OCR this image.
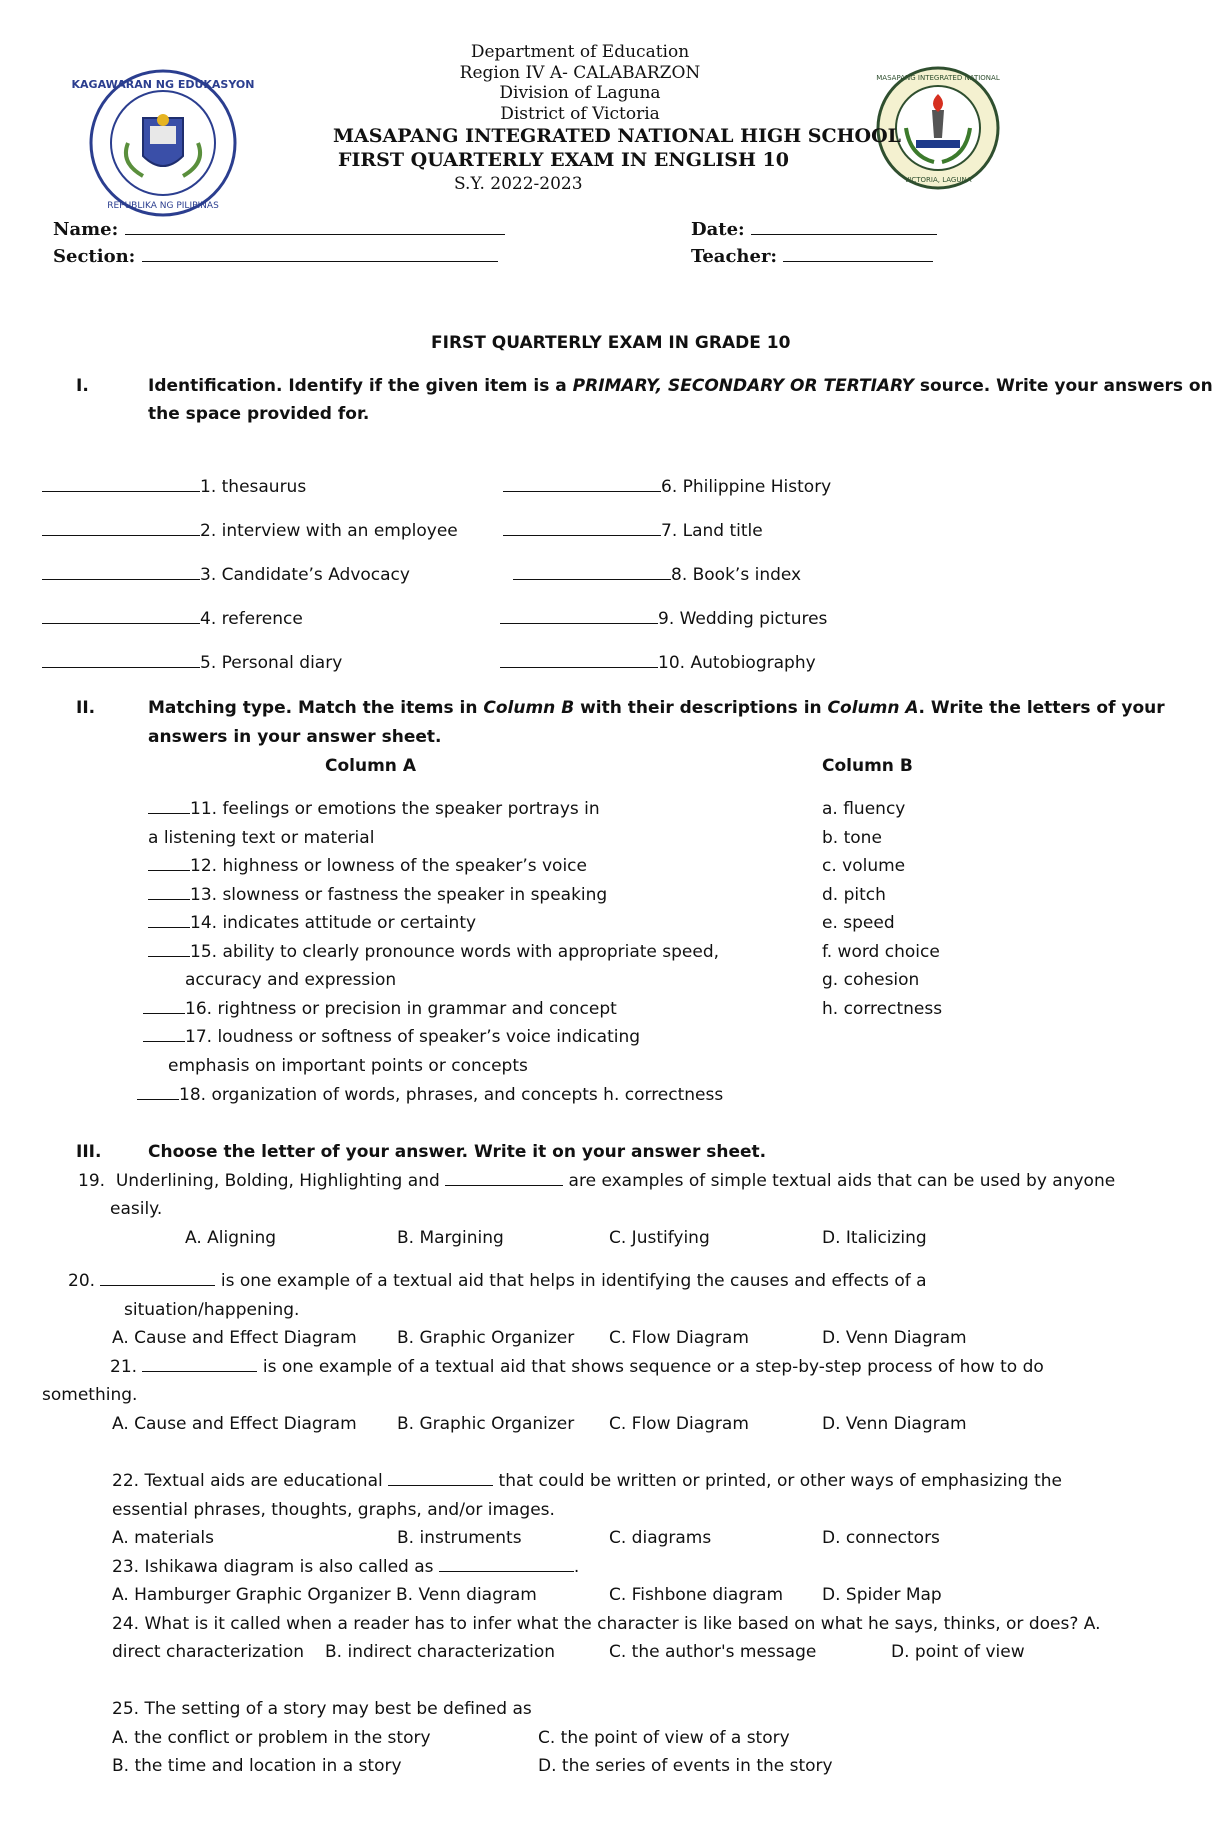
KAGAWARAN NG EDUKASYON
REPUBLIKA NG PILIPINAS
MASAPANG INTEGRATED NATIONAL
VICTORIA, LAGUNA
Department of Education
Region IV A- CALABARZON
Division of Laguna
District of Victoria
MASAPANG INTEGRATED NATIONAL HIGH SCHOOL
FIRST QUARTERLY EXAM IN ENGLISH 10
S.Y. 2022-2023
Name:	Date:
Section:	Teacher:
FIRST QUARTERLY EXAM IN GRADE 10
I.	Identification. Identify if the given item is a PRIMARY, SECONDARY OR TERTIARY source. Write your answers on
the space provided for.
1. thesaurus
2. interview with an employee
3. Candidate’s Advocacy
4. reference
5. Personal diary
6. Philippine History
7. Land title
8. Book’s index
9. Wedding pictures
10. Autobiography
II.	Matching type. Match the items in Column B with their descriptions in Column A. Write the letters of your
answers in your answer sheet.
Column A	Column B
11. feelings or emotions the speaker portrays in
a listening text or material
12. highness or lowness of the speaker’s voice
13. slowness or fastness the speaker in speaking
14. indicates attitude or certainty
15. ability to clearly pronounce words with appropriate speed,
accuracy and expression
16. rightness or precision in grammar and concept
17. loudness or softness of speaker’s voice indicating
emphasis on important points or concepts
18. organization of words, phrases, and concepts h. correctness
a. fluency
b. tone
c. volume
d. pitch
e. speed
f. word choice
g. cohesion
h. correctness
III.	Choose the letter of your answer. Write it on your answer sheet.
19. Underlining, Bolding, Highlighting and	are examples of simple textual aids that can be used by anyone
easily.
A. Aligning	B. Margining	C. Justifying	D. Italicizing
20.	is one example of a textual aid that helps in identifying the causes and effects of a
situation/happening.
A. Cause and Effect Diagram B. Graphic Organizer C. Flow Diagram	D. Venn Diagram
21.	is one example of a textual aid that shows sequence or a step-by-step process of how to do
something.
A. Cause and Effect Diagram B. Graphic Organizer C. Flow Diagram	D. Venn Diagram
22. Textual aids are educational	that could be written or printed, or other ways of emphasizing the
essential phrases, thoughts, graphs, and/or images.
A. materials	B. instruments	C. diagrams	D. connectors
23. Ishikawa diagram is also called as	.
A. Hamburger Graphic Organizer B. Venn diagram	C. Fishbone diagram D. Spider Map
24. What is it called when a reader has to infer what the character is like based on what he says, thinks, or does? A.
direct characterization B. indirect characterization	C. the author's message	D. point of view
25. The setting of a story may best be defined as
A. the conflict or problem in the story	C. the point of view of a story
B. the time and location in a story	D. the series of events in the story
